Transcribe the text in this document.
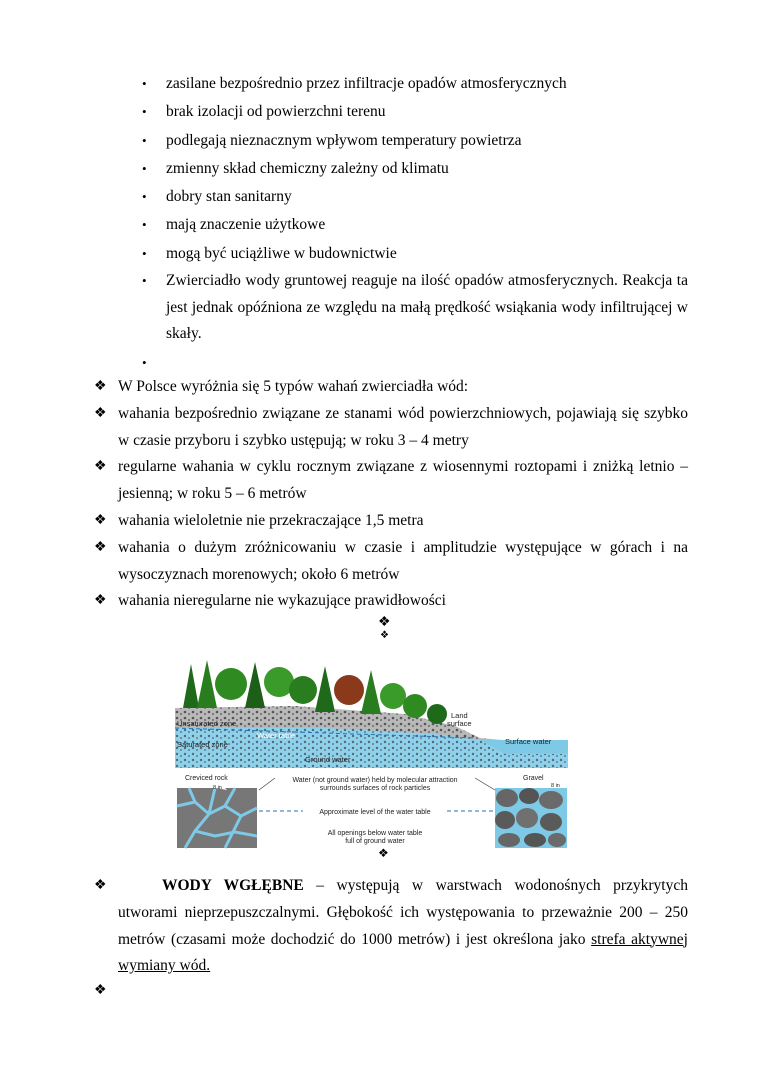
• zasilane bezpośrednio przez infiltracje opadów atmosferycznych
• brak izolacji od powierzchni terenu
• podlegają nieznacznym wpływom temperatury powietrza
• zmienny skład chemiczny zależny od klimatu
• dobry stan sanitarny
• mają znaczenie użytkowe
• mogą być uciążliwe w budownictwie
• Zwierciadło wody gruntowej reaguje na ilość opadów atmosferycznych. Reakcja ta jest jednak opóźniona ze względu na małą prędkość wsiąkania wody infiltrującej w skały.
•
❖ W Polsce wyróżnia się 5 typów wahań zwierciadła wód:
❖ wahania bezpośrednio związane ze stanami wód powierzchniowych, pojawiają się szybko w czasie przyboru i szybko ustępują; w roku 3 – 4 metry
❖ regularne wahania w cyklu rocznym związane z wiosennymi roztopami i zniżką letnio – jesienną; w roku 5 – 6 metrów
❖ wahania wieloletnie nie przekraczające 1,5 metra
❖ wahania o dużym zróżnicowaniu w czasie i amplitudzie występujące w górach i na wysoczyznach morenowych; około 6 metrów
❖ wahania nieregularne nie wykazujące prawidłowości
❖
❖
Unsaturated zone
Water table
Saturated zone
Ground water
Land
surface
Surface water
Creviced rock
8 in
Gravel
8 in
Water (not ground water) held by molecular attraction
surrounds surfaces of rock particles
Approximate level of the water table
All openings below water table
full of ground water
❖

❖	WODY WGŁĘBNE – występują w warstwach wodonośnych przykrytych utworami nieprzepuszczalnymi. Głębokość ich występowania to przeważnie 200 – 250 metrów (czasami może dochodzić do 1000 metrów) i jest określona jako strefa aktywnej wymiany wód.

❖
